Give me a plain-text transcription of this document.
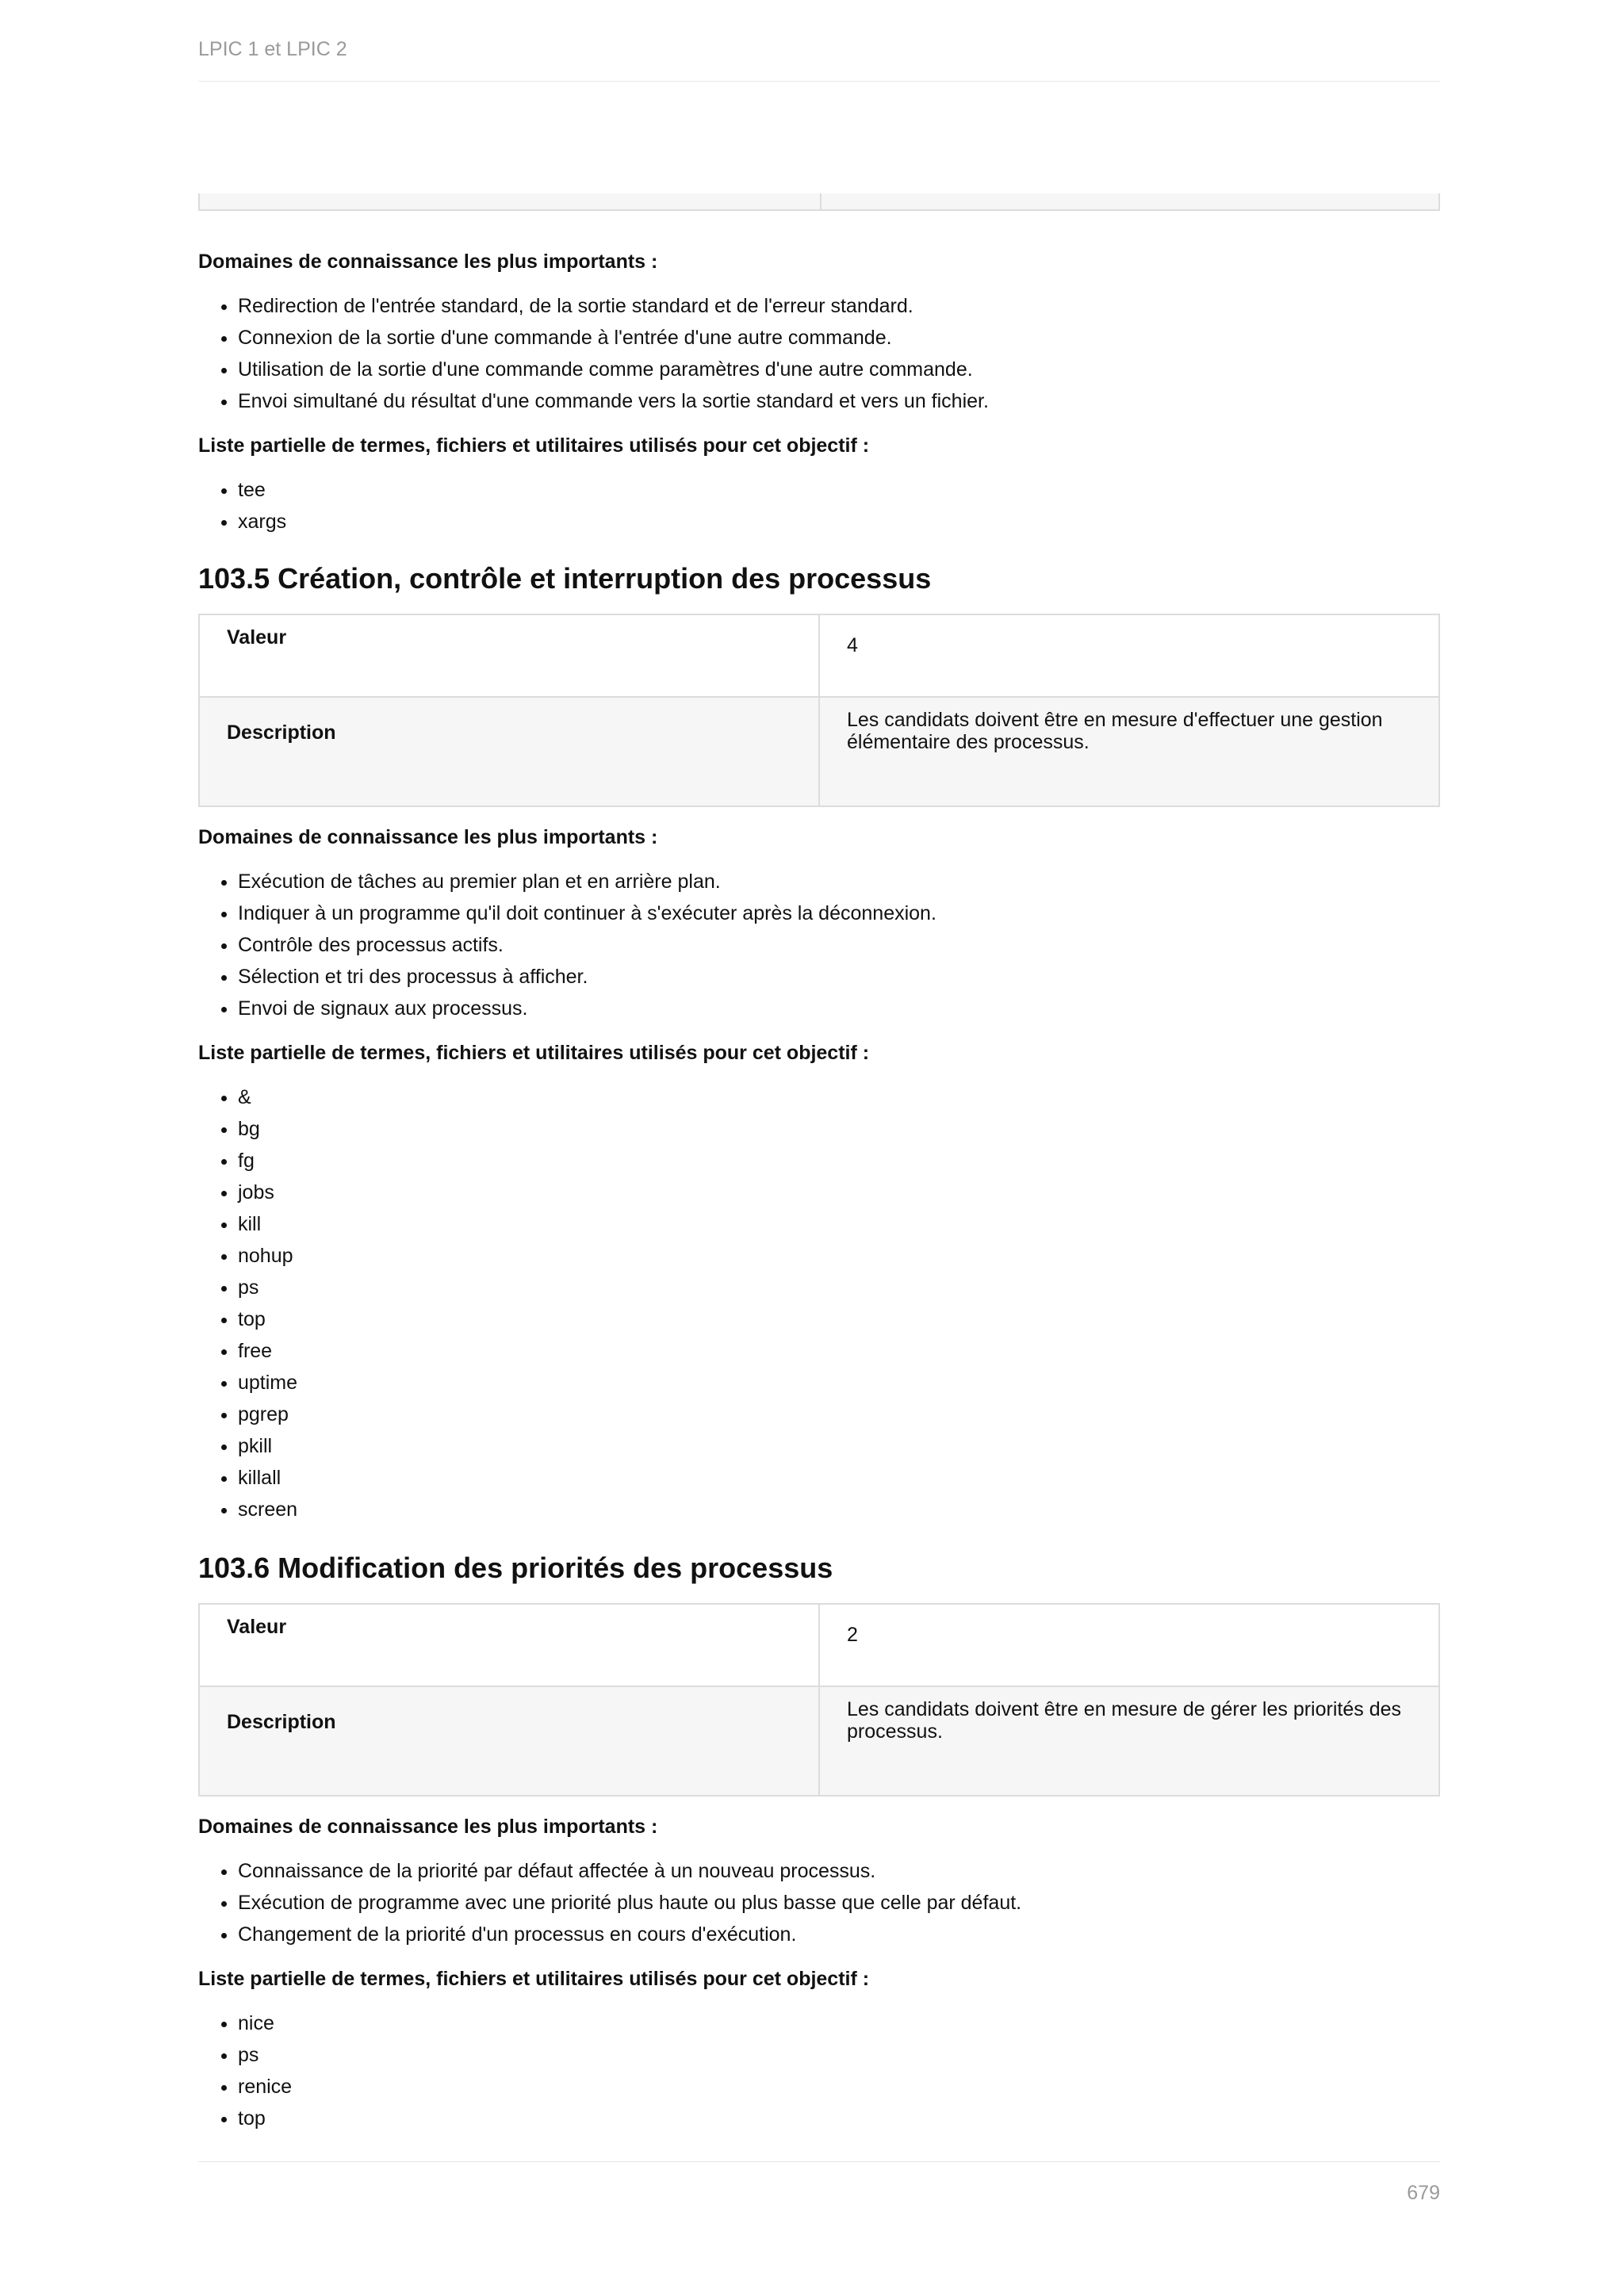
LPIC 1 et LPIC 2

Domaines de connaissance les plus importants :

• Redirection de l'entrée standard, de la sortie standard et de l'erreur standard.
• Connexion de la sortie d'une commande à l'entrée d'une autre commande.
• Utilisation de la sortie d'une commande comme paramètres d'une autre commande.
• Envoi simultané du résultat d'une commande vers la sortie standard et vers un fichier.

Liste partielle de termes, fichiers et utilitaires utilisés pour cet objectif :

• tee
• xargs
103.5 Création, contrôle et interruption des processus
Valeur	4
Description	Les candidats doivent être en mesure d'effectuer une gestion élémentaire des processus.

Domaines de connaissance les plus importants :

• Exécution de tâches au premier plan et en arrière plan.
• Indiquer à un programme qu'il doit continuer à s'exécuter après la déconnexion.
• Contrôle des processus actifs.
• Sélection et tri des processus à afficher.
• Envoi de signaux aux processus.

Liste partielle de termes, fichiers et utilitaires utilisés pour cet objectif :

• &
• bg
• fg
• jobs
• kill
• nohup
• ps
• top
• free
• uptime
• pgrep
• pkill
• killall
• screen
103.6 Modification des priorités des processus
Valeur	2
Description	Les candidats doivent être en mesure de gérer les priorités des processus.

Domaines de connaissance les plus importants :

• Connaissance de la priorité par défaut affectée à un nouveau processus.
• Exécution de programme avec une priorité plus haute ou plus basse que celle par défaut.
• Changement de la priorité d'un processus en cours d'exécution.

Liste partielle de termes, fichiers et utilitaires utilisés pour cet objectif :

• nice
• ps
• renice
• top
679
